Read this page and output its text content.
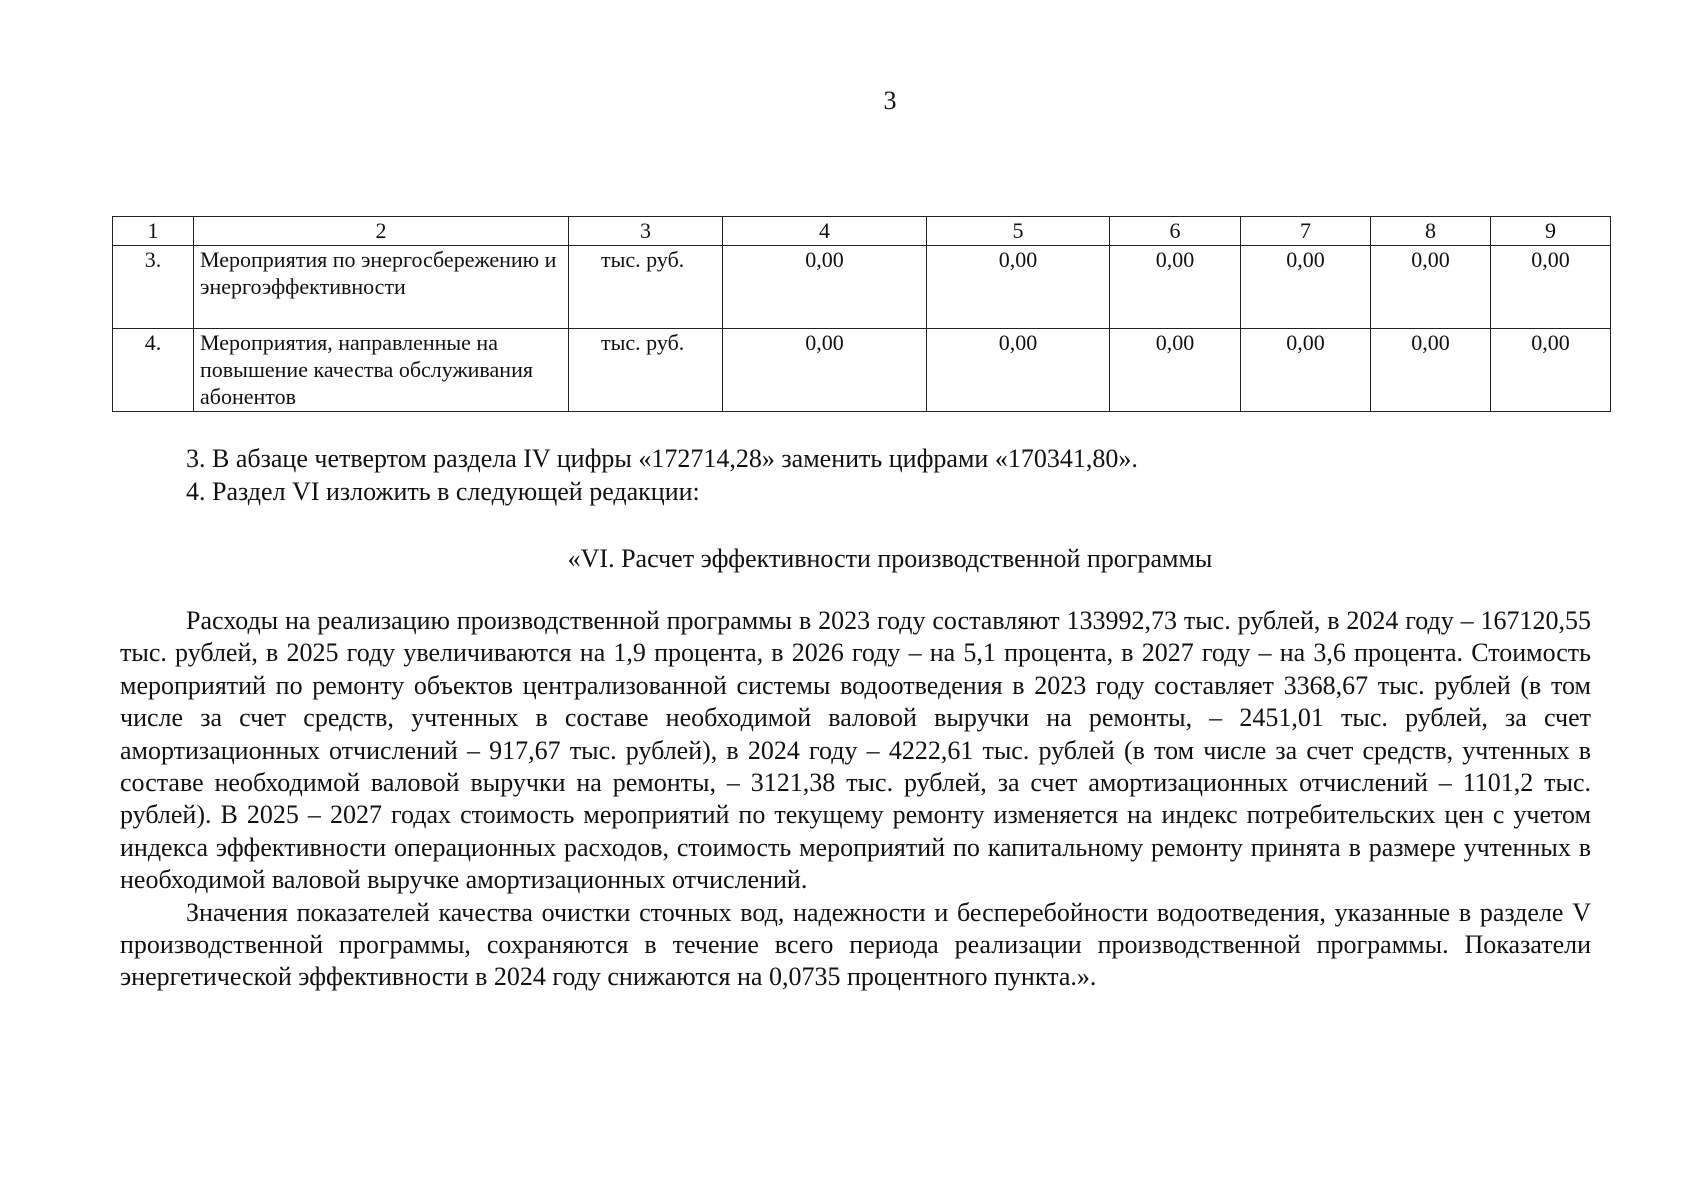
3
1	2	3	4	5	6	7	8	9
3.	Мероприятия по энергосбережению и энергоэффективности	тыс. руб.	0,00	0,00	0,00	0,00	0,00	0,00
4.	Мероприятия, направленные на повышение качества обслуживания абонентов	тыс. руб.	0,00	0,00	0,00	0,00	0,00	0,00

3. В абзаце четвертом раздела IV цифры «172714,28» заменить цифрами «170341,80».

4. Раздел VI изложить в следующей редакции:

«VI. Расчет эффективности производственной программы

Расходы на реализацию производственной программы в 2023 году составляют 133992,73 тыс. рублей, в 2024 году – 167120,55 тыс. рублей, в 2025 году увеличиваются на 1,9 процента, в 2026 году – на 5,1 процента, в 2027 году – на 3,6 процента. Стоимость мероприятий по ремонту объектов централизованной системы водоотведения в 2023 году составляет 3368,67 тыс. рублей (в том числе за счет средств, учтенных в составе необходимой валовой выручки на ремонты, – 2451,01 тыс. рублей, за счет амортизационных отчислений – 917,67 тыс. рублей), в 2024 году – 4222,61 тыс. рублей (в том числе за счет средств, учтенных в составе необходимой валовой выручки на ремонты, – 3121,38 тыс. рублей, за счет амортизационных отчислений – 1101,2 тыс. рублей). В 2025 – 2027 годах стоимость мероприятий по текущему ремонту изменяется на индекс потребительских цен с учетом индекса эффективности операционных расходов, стоимость мероприятий по капитальному ремонту принята в размере учтенных в необходимой валовой выручке амортизационных отчислений.

Значения показателей качества очистки сточных вод, надежности и бесперебойности водоотведения, указанные в разделе V производственной программы, сохраняются в течение всего периода реализации производственной программы. Показатели энергетической эффективности в 2024 году снижаются на 0,0735 процентного пункта.».
